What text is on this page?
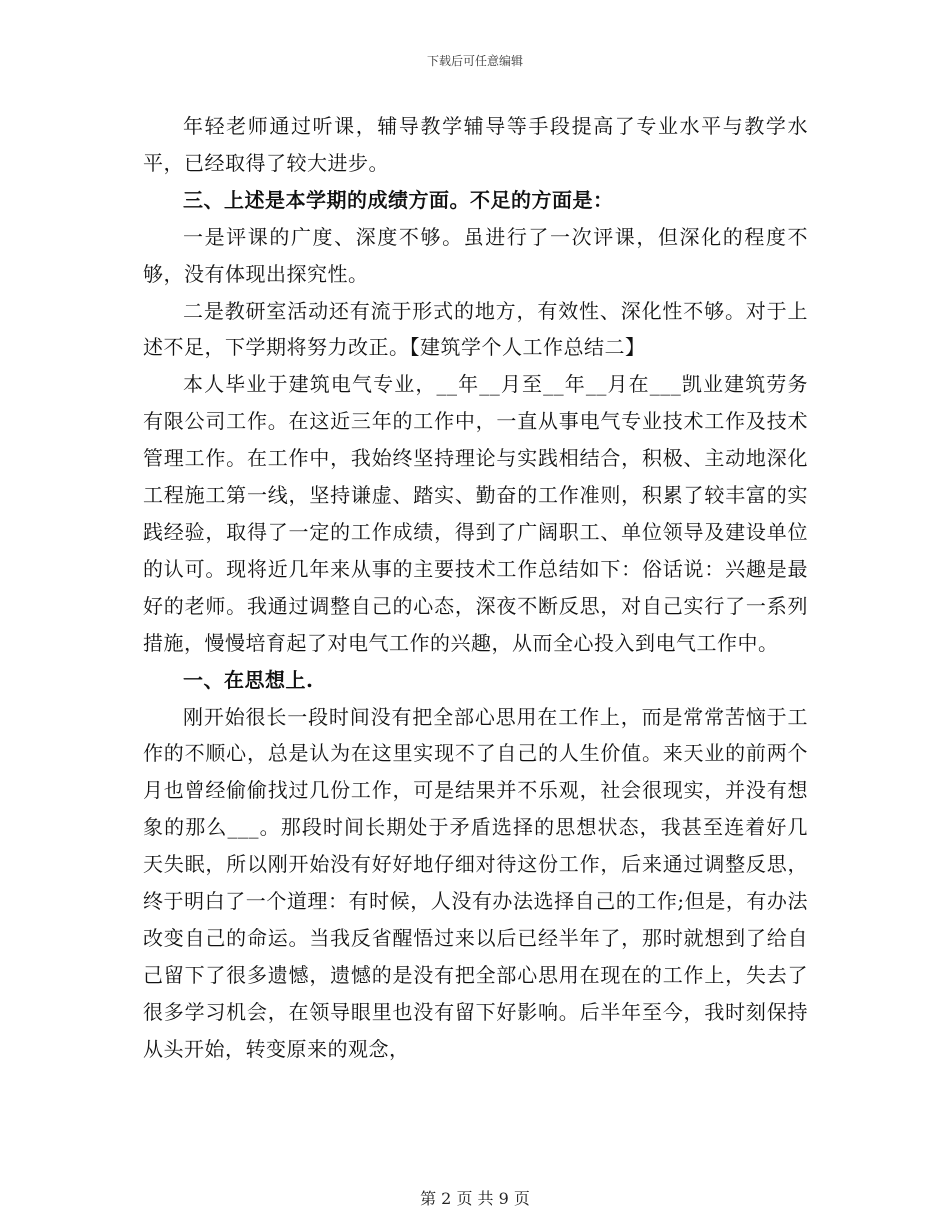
下载后可任意编辑

年轻老师通过听课，辅导教学辅导等手段提高了专业水平与教学水平，已经取得了较大进步。

三、上述是本学期的成绩方面。不足的方面是：

一是评课的广度、深度不够。虽进行了一次评课，但深化的程度不够，没有体现出探究性。

二是教研室活动还有流于形式的地方，有效性、深化性不够。对于上述不足，下学期将努力改正。【建筑学个人工作总结二】

本人毕业于建筑电气专业，__年__月至__年__月在___凯业建筑劳务有限公司工作。在这近三年的工作中，一直从事电气专业技术工作及技术管理工作。在工作中，我始终坚持理论与实践相结合，积极、主动地深化工程施工第一线，坚持谦虚、踏实、勤奋的工作准则，积累了较丰富的实践经验，取得了一定的工作成绩，得到了广阔职工、单位领导及建设单位的认可。现将近几年来从事的主要技术工作总结如下：俗话说：兴趣是最好的老师。我通过调整自己的心态，深夜不断反思，对自己实行了一系列措施，慢慢培育起了对电气工作的兴趣，从而全心投入到电气工作中。

一、在思想上.

刚开始很长一段时间没有把全部心思用在工作上，而是常常苦恼于工作的不顺心，总是认为在这里实现不了自己的人生价值。来天业的前两个月也曾经偷偷找过几份工作，可是结果并不乐观，社会很现实，并没有想象的那么___。那段时间长期处于矛盾选择的思想状态，我甚至连着好几天失眠，所以刚开始没有好好地仔细对待这份工作，后来通过调整反思，终于明白了一个道理：有时候，人没有办法选择自己的工作;但是，有办法改变自己的命运。当我反省醒悟过来以后已经半年了，那时就想到了给自己留下了很多遗憾，遗憾的是没有把全部心思用在现在的工作上，失去了很多学习机会，在领导眼里也没有留下好影响。后半年至今，我时刻保持从头开始，转变原来的观念，

第 2 页 共 9 页
